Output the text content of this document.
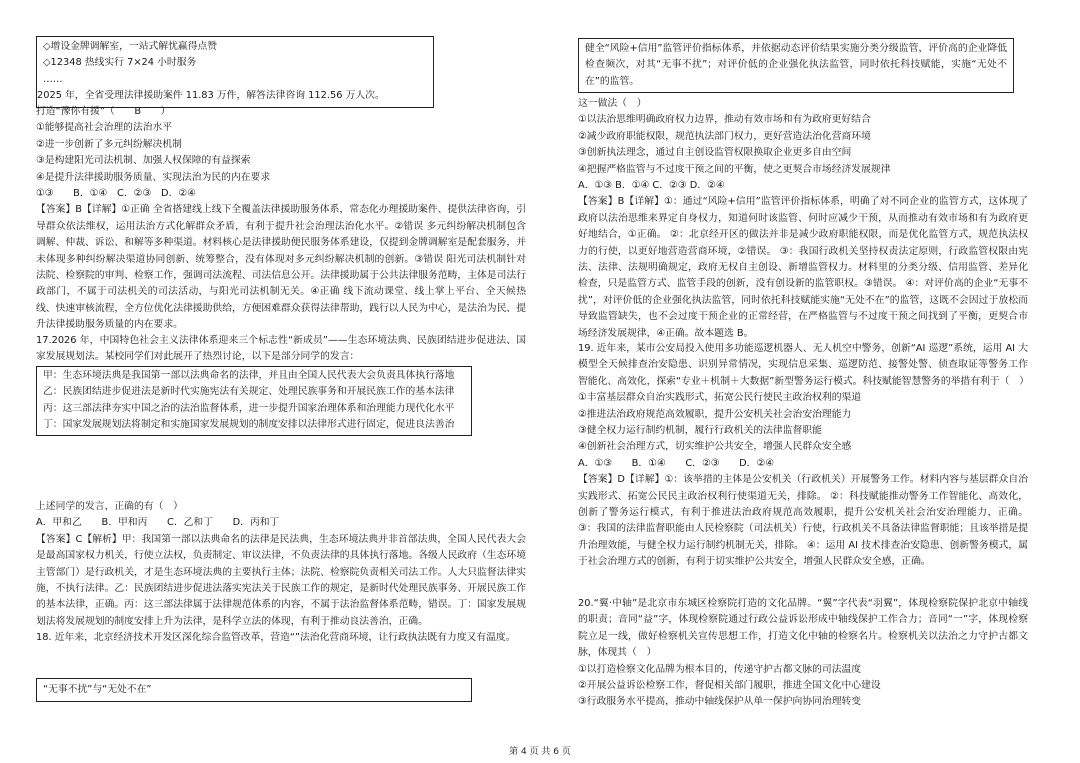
◇增设金牌调解室，一站式解忧赢得点赞
◇12348 热线实行 7×24 小时服务
……
2025 年，全省受理法律援助案件 11.83 万件，解答法律咨询 112.56 万人次。
打造“豫你有援”（　　B　　）
①能够提高社会治理的法治水平
②进一步创新了多元纠纷解决机制
③是构建阳光司法机制、加强人权保障的有益探索
④是提升法律援助服务质量、实现法治为民的内在要求
①③　　B．①④　C．②③　D．②④
【答案】B【详解】①正确 全省搭建线上线下全覆盖法律援助服务体系，常态化办理援助案件、提供法律咨询，引导群众依法维权，运用法治方式化解群众矛盾，有利于提升社会治理法治化水平。②错误 多元纠纷解决机制包含调解、仲裁、诉讼、和解等多种渠道。材料核心是法律援助便民服务体系建设，仅提到金牌调解室是配套服务，并未体现多种纠纷解决渠道协同创新、统筹整合，没有体现对多元纠纷解决机制的创新。③错误 阳光司法机制针对法院、检察院的审判、检察工作，强调司法流程、司法信息公开。法律援助属于公共法律服务范畴，主体是司法行政部门，不属于司法机关的司法活动，与阳光司法机制无关。④正确 线下流动课堂、线上掌上平台、全天候热线、快速审核流程，全方位优化法律援助供给，方便困难群众获得法律帮助，践行以人民为中心，是法治为民、提升法律援助服务质量的内在要求。
17.2026 年，中国特色社会主义法律体系迎来三个标志性“新成员”——生态环境法典、民族团结进步促进法、国家发展规划法。某校同学们对此展开了热烈讨论，以下是部分同学的发言：
甲：生态环境法典是我国第一部以法典命名的法律，并且由全国人民代表大会负责具体执行落地
乙：民族团结进步促进法是新时代实施宪法有关规定、处理民族事务和开展民族工作的基本法律
丙：这三部法律夯实中国之治的法治监督体系，进一步提升国家治理体系和治理能力现代化水平
丁：国家发展规划法将制定和实施国家发展规划的制度安排以法律形式进行固定，促进良法善治
上述同学的发言，正确的有（　）
A．甲和乙　　B．甲和丙　　C．乙和丁　　D．丙和丁
【答案】C【解析】甲：我国第一部以法典命名的法律是民法典，生态环境法典并非首部法典，全国人民代表大会是最高国家权力机关，行使立法权，负责制定、审议法律，不负责法律的具体执行落地。各级人民政府（生态环境主管部门）是行政机关，才是生态环境法典的主要执行主体；法院、检察院负责相关司法工作。人大只监督法律实施，不执行法律。乙：民族团结进步促进法落实宪法关于民族工作的规定，是新时代处理民族事务、开展民族工作的基本法律，正确。丙：这三部法律属于法律规范体系的内容，不属于法治监督体系范畴，错误。丁：国家发展规划法将发展规划的制度安排上升为法律，是科学立法的体现，有利于推动良法善治，正确。
18. 近年来，北京经济技术开发区深化综合监管改革，营造“”法治化营商环境，让行政执法既有力度又有温度。
“无事不扰”与“无处不在”
健全“风险+信用”监管评价指标体系，并依据动态评价结果实施分类分级监管，评价高的企业降低检查频次，对其“无事不扰”；对评价低的企业强化执法监管，同时依托科技赋能，实施“无处不在”的监管。
这一做法（　）
①以法治思维明确政府权力边界，推动有效市场和有为政府更好结合
②减少政府职能权限，规范执法部门权力，更好营造法治化营商环境
③创新执法理念，通过自主创设监管权限换取企业更多自由空间
④把握严格监管与不过度干预之间的平衡，使之更契合市场经济发展规律
A．①③ B．①④ C．②③ D．②④
【答案】B【详解】①：通过“风险+信用”监管评价指标体系，明确了对不同企业的监管方式，这体现了政府以法治思维来界定自身权力，知道何时该监管、何时应减少干预，从而推动有效市场和有为政府更好地结合，①正确。 ②：北京经开区的做法并非是减少政府职能权限，而是优化监管方式，规范执法权力的行使，以更好地营造营商环境，②错误。 ③：我国行政机关坚持权责法定原则，行政监管权限由宪法、法律、法规明确规定，政府无权自主创设、新增监管权力。材料里的分类分级、信用监管、差异化检查，只是监管方式、监管手段的创新，没有创设新的监管职权。③错误。 ④：对评价高的企业“无事不扰”，对评价低的企业强化执法监管，同时依托科技赋能实施“无处不在”的监管，这既不会因过于放松而导致监管缺失，也不会过度干预企业的正常经营，在严格监管与不过度干预之间找到了平衡，更契合市场经济发展规律，④正确。故本题选 B。
19. 近年来，某市公安局投入使用多功能巡逻机器人、无人机空中警务，创新“AI 巡逻”系统，运用 AI 大模型全天候排查治安隐患、识别异常情况，实现信息采集、巡逻防范、接警处警、侦查取证等警务工作智能化、高效化，探索“专业＋机制＋大数据”新型警务运行模式。科技赋能智慧警务的举措有利于（　）
①丰富基层群众自治实践形式，拓宽公民行使民主政治权利的渠道
②推进法治政府规范高效履职，提升公安机关社会治安治理能力
③健全权力运行制约机制，履行行政机关的法律监督职能
④创新社会治理方式，切实维护公共安全，增强人民群众安全感
A．①③　　B．①④　　C．②③　　D．②④
【答案】D【详解】①：该举措的主体是公安机关（行政机关）开展警务工作。材料内容与基层群众自治实践形式、拓宽公民民主政治权利行使渠道无关，排除。 ②：科技赋能推动警务工作智能化、高效化，创新了警务运行模式，有利于推进法治政府规范高效履职，提升公安机关社会治安治理能力，正确。 ③：我国的法律监督职能由人民检察院（司法机关）行使，行政机关不具备法律监督职能；且该举措是提升治理效能，与健全权力运行制约机制无关，排除。 ④：运用 AI 技术排查治安隐患、创新警务模式，属于社会治理方式的创新，有利于切实维护公共安全，增强人民群众安全感，正确。
20.“翼·中轴”是北京市东城区检察院打造的文化品牌。“翼”字代表“羽翼”，体现检察院保护北京中轴线的职责；音同“益”字，体现检察院通过行政公益诉讼形成中轴线保护工作合力；音同“一”字，体现检察院立足一线，做好检察机关宣传思想工作，打造文化中轴的检察名片。检察机关以法治之力守护古都文脉，体现其（　）
①以打造检察文化品牌为根本目的，传递守护古都文脉的司法温度
②开展公益诉讼检察工作，督促相关部门履职，推进全国文化中心建设
③行政服务水平提高，推动中轴线保护从单一保护向协同治理转变
第 4 页 共 6 页
